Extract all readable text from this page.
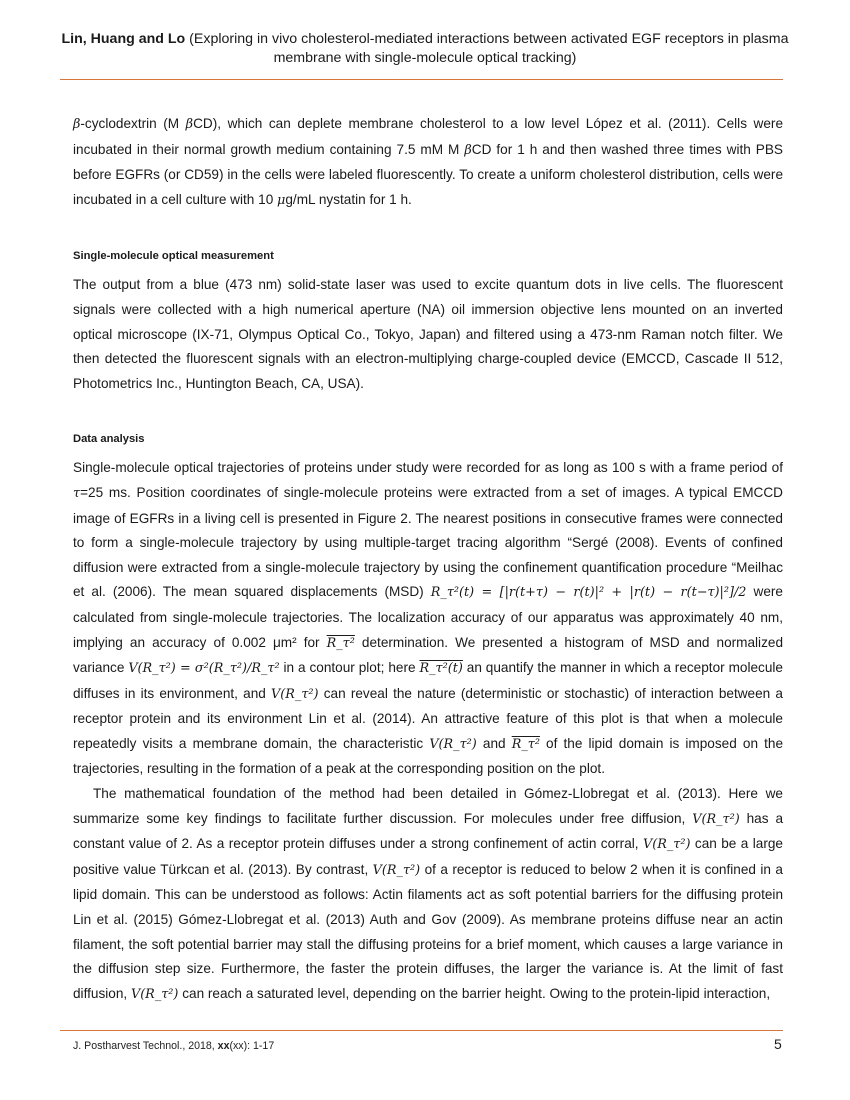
Lin, Huang and Lo (Exploring in vivo cholesterol-mediated interactions between activated EGF receptors in plasma membrane with single-molecule optical tracking)

β-cyclodextrin (M βCD), which can deplete membrane cholesterol to a low level López et al. (2011). Cells were incubated in their normal growth medium containing 7.5 mM M βCD for 1 h and then washed three times with PBS before EGFRs (or CD59) in the cells were labeled fluorescently. To create a uniform cholesterol distribution, cells were incubated in a cell culture with 10 μg/mL nystatin for 1 h.

Single-molecule optical measurement

The output from a blue (473 nm) solid-state laser was used to excite quantum dots in live cells. The fluorescent signals were collected with a high numerical aperture (NA) oil immersion objective lens mounted on an inverted optical microscope (IX-71, Olympus Optical Co., Tokyo, Japan) and filtered using a 473-nm Raman notch filter. We then detected the fluorescent signals with an electron-multiplying charge-coupled device (EMCCD, Cascade II 512, Photometrics Inc., Huntington Beach, CA, USA).

Data analysis

Single-molecule optical trajectories of proteins under study were recorded for as long as 100 s with a frame period of τ=25 ms. Position coordinates of single-molecule proteins were extracted from a set of images. A typical EMCCD image of EGFRs in a living cell is presented in Figure 2. The nearest positions in consecutive frames were connected to form a single-molecule trajectory by using multiple-target tracing algorithm “Sergé (2008). Events of confined diffusion were extracted from a single-molecule trajectory by using the confinement quantification procedure “Meilhac et al. (2006). The mean squared displacements (MSD) R_τ²(t) = [|r(t+τ) − r(t)|² + |r(t) − r(t−τ)|²]/2 were calculated from single-molecule trajectories. The localization accuracy of our apparatus was approximately 40 nm, implying an accuracy of 0.002 μm² for R_τ² determination. We presented a histogram of MSD and normalized variance V(R_τ²) = σ²(R_τ²)/R_τ² in a contour plot; here R_τ²(t) an quantify the manner in which a receptor molecule diffuses in its environment, and V(R_τ²) can reveal the nature (deterministic or stochastic) of interaction between a receptor protein and its environment Lin et al. (2014). An attractive feature of this plot is that when a molecule repeatedly visits a membrane domain, the characteristic V(R_τ²) and R_τ² of the lipid domain is imposed on the trajectories, resulting in the formation of a peak at the corresponding position on the plot.

The mathematical foundation of the method had been detailed in Gómez-Llobregat et al. (2013). Here we summarize some key findings to facilitate further discussion. For molecules under free diffusion, V(R_τ²) has a constant value of 2. As a receptor protein diffuses under a strong confinement of actin corral, V(R_τ²) can be a large positive value Türkcan et al. (2013). By contrast, V(R_τ²) of a receptor is reduced to below 2 when it is confined in a lipid domain. This can be understood as follows: Actin filaments act as soft potential barriers for the diffusing protein Lin et al. (2015) Gómez-Llobregat et al. (2013) Auth and Gov (2009). As membrane proteins diffuse near an actin filament, the soft potential barrier may stall the diffusing proteins for a brief moment, which causes a large variance in the diffusion step size. Furthermore, the faster the protein diffuses, the larger the variance is. At the limit of fast diffusion, V(R_τ²) can reach a saturated level, depending on the barrier height. Owing to the protein-lipid interaction,

J. Postharvest Technol., 2018, xx(xx): 1-17	5
